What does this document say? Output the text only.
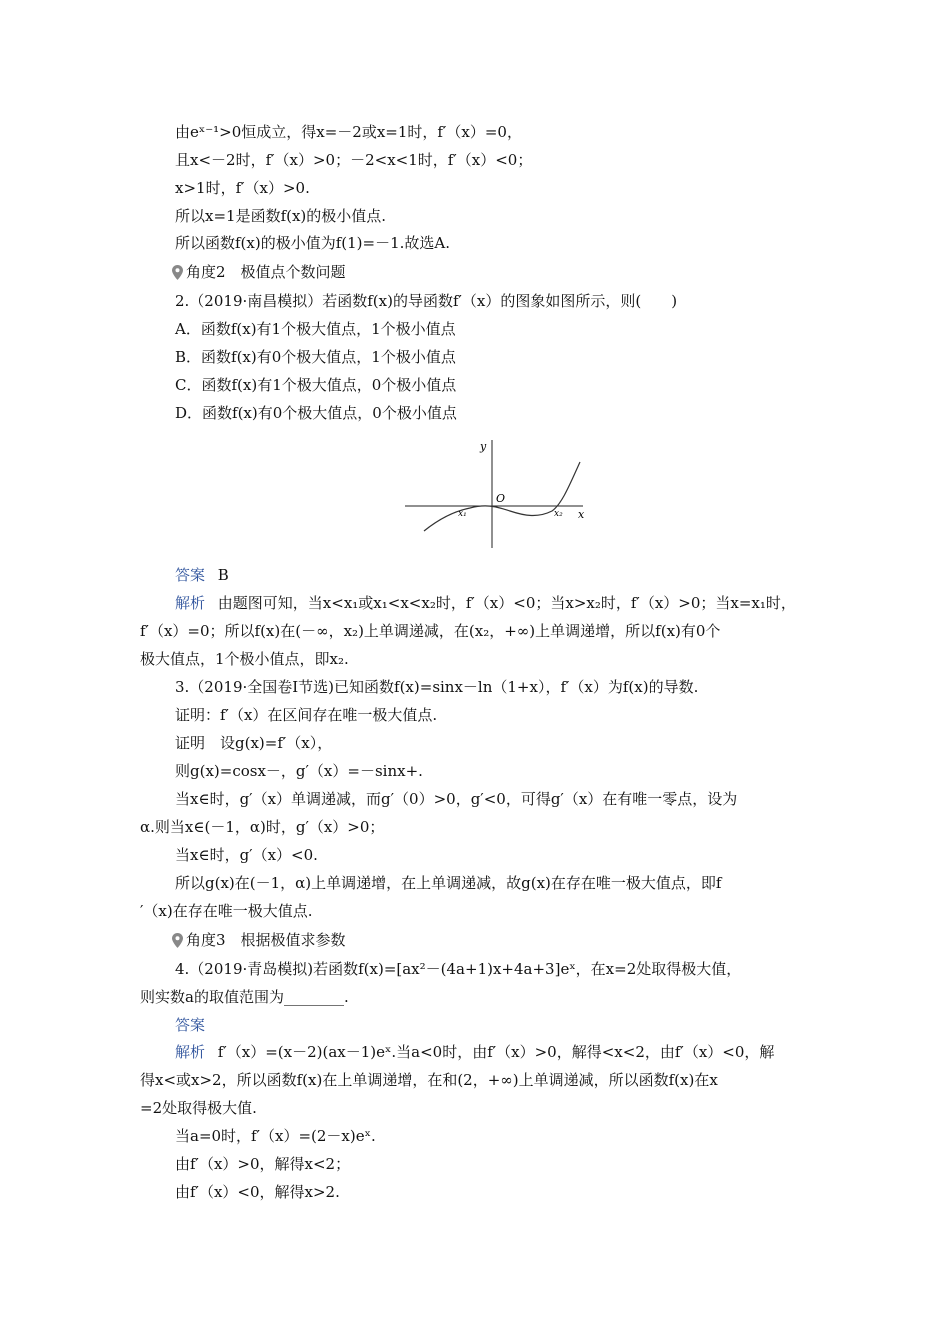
由eˣ⁻¹>0恒成立，得x=－2或x=1时，f′（x）=0，
且x<－2时，f′（x）>0；－2<x<1时，f′（x）<0；
x>1时，f′（x）>0.
所以x=1是函数f(x)的极小值点.
所以函数f(x)的极小值为f(1)=－1.故选A.
角度2　极值点个数问题
2.（2019·南昌模拟）若函数f(x)的导函数f′（x）的图象如图所示，则(　　)
A．函数f(x)有1个极大值点，1个极小值点
B．函数f(x)有0个极大值点，1个极小值点
C．函数f(x)有1个极大值点，0个极小值点
D．函数f(x)有0个极大值点，0个极小值点
y
x
O
x₁	x₂
答案 B
解析 由题图可知，当x<x₁或x₁<x<x₂时，f′（x）<0；当x>x₂时，f′（x）>0；当x=x₁时，
f′（x）=0；所以f(x)在(－∞，x₂)上单调递减，在(x₂，+∞)上单调递增，所以f(x)有0个
极大值点，1个极小值点，即x₂.
3.（2019·全国卷Ⅰ节选)已知函数f(x)=sinx－ln（1+x），f′（x）为f(x)的导数.
证明：f′（x）在区间存在唯一极大值点.
证明　设g(x)=f′（x），
则g(x)=cosx－，g′（x）=－sinx+.
当x∈时，g′（x）单调递减，而g′（0）>0，g′<0，可得g′（x）在有唯一零点，设为
α.则当x∈(－1，α)时，g′（x）>0；
当x∈时，g′（x）<0.
所以g(x)在(－1，α)上单调递增，在上单调递减，故g(x)在存在唯一极大值点，即f
′（x)在存在唯一极大值点.
角度3　根据极值求参数
4.（2019·青岛模拟)若函数f(x)=[ax²－(4a+1)x+4a+3]eˣ，在x=2处取得极大值，
则实数a的取值范围为________.
答案
解析 f′（x）=(x－2)(ax－1)eˣ.当a<0时，由f′（x）>0，解得<x<2，由f′（x）<0，解
得x<或x>2，所以函数f(x)在上单调递增，在和(2，+∞)上单调递减，所以函数f(x)在x
=2处取得极大值.
当a=0时，f′（x）=(2－x)eˣ.
由f′（x）>0，解得x<2；
由f′（x）<0，解得x>2.
